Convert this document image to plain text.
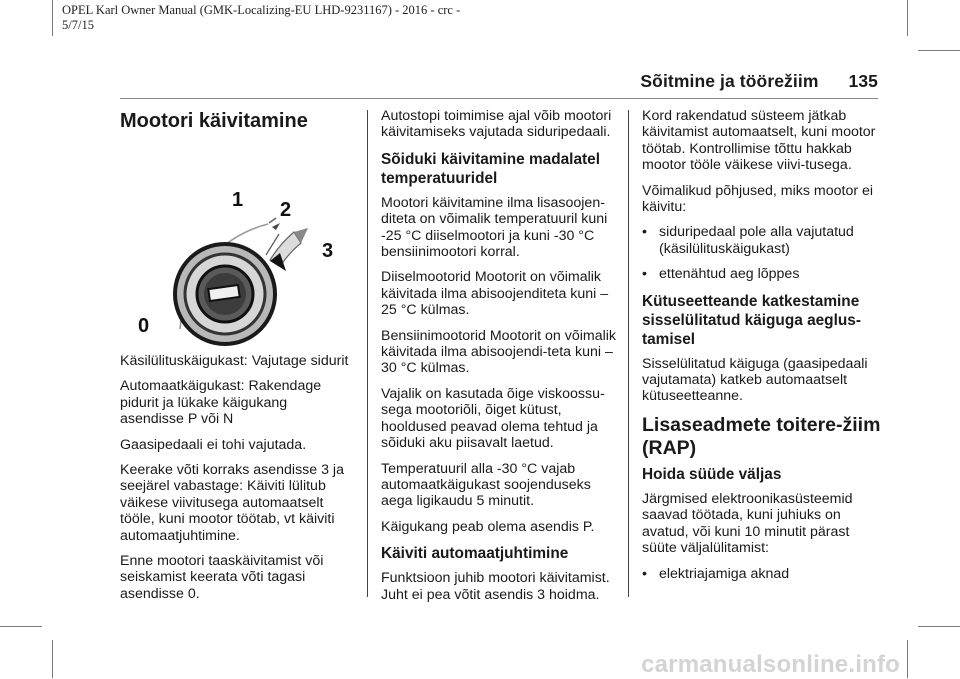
OPEL Karl Owner Manual (GMK-Localizing-EU LHD-9231167) - 2016 - crc -
5/7/15
Sõitmine ja töörežiim 135
Mootori käivitamine
1 2
3
0

Käsilülituskäigukast: Vajutage sidurit

Automaatkäigukast: Rakendage pidurit ja lükake käigukang asendisse P või N

Gaasipedaali ei tohi vajutada.

Keerake võti korraks asendisse 3 ja seejärel vabastage: Käiviti lülitub väikese viivitusega automaatselt tööle, kuni mootor töötab, vt käiviti automaatjuhtimine.

Enne mootori taaskäivitamist või seiskamist keerata võti tagasi asendisse 0.

Autostopi toimimise ajal võib mootori käivitamiseks vajutada siduripedaali.

Sõiduki käivitamine madalatel temperatuuridel

Mootori käivitamine ilma lisasoojen-diteta on võimalik temperatuuril kuni -25 °C diiselmootori ja kuni -30 °C bensiinimootori korral.

Diiselmootorid Mootorit on võimalik käivitada ilma abisoojenditeta kuni –25 °C külmas.

Bensiinimootorid Mootorit on võimalik käivitada ilma abisoojendi-teta kuni –30 °C külmas.

Vajalik on kasutada õige viskoossu-sega mootoriõli, õiget kütust, hooldused peavad olema tehtud ja sõiduki aku piisavalt laetud.

Temperatuuril alla -30 °C vajab automaatkäigukast soojenduseks aega ligikaudu 5 minutit.

Käigukang peab olema asendis P.

Käiviti automaatjuhtimine

Funktsioon juhib mootori käivitamist. Juht ei pea võtit asendis 3 hoidma.

Kord rakendatud süsteem jätkab käivitamist automaatselt, kuni mootor töötab. Kontrollimise tõttu hakkab mootor tööle väikese viivi-tusega.

Võimalikud põhjused, miks mootor ei käivitu:

• siduripedaal pole alla vajutatud (käsilülituskäigukast)
• ettenähtud aeg lõppes
Kütuseetteande katkestamine sisselülitatud käiguga aeglus-tamisel

Sisselülitatud käiguga (gaasipedaali vajutamata) katkeb automaatselt kütuseetteanne.

Lisaseadmete toitere-žiim (RAP)
Hoida süüde väljas

Järgmised elektroonikasüsteemid saavad töötada, kuni juhiuks on avatud, või kuni 10 minutit pärast süüte väljalülitamist:

• elektriajamiga aknad
carmanualsonline.info
